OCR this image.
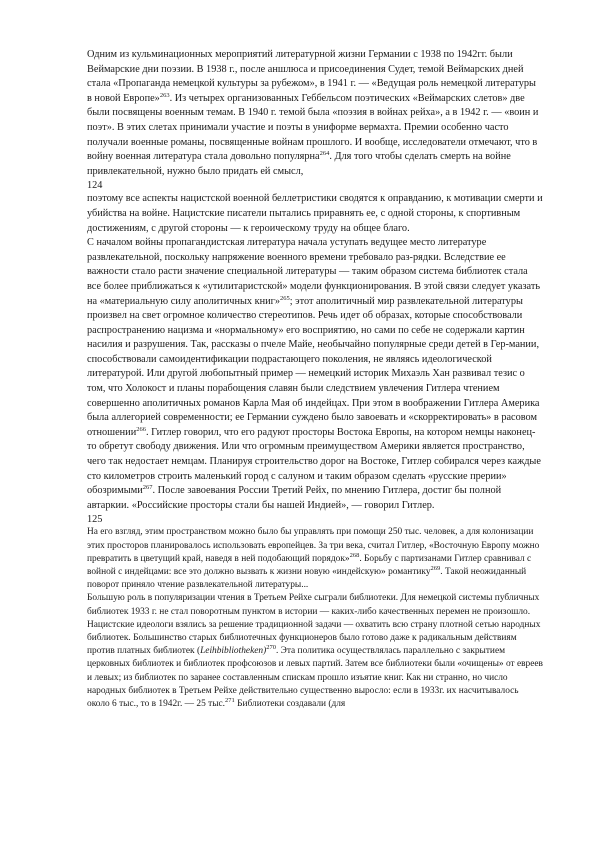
Одним из кульминационных мероприятий литературной жизни Германии с 1938 по 1942гг. были Веймарские дни поэзии. В 1938 г., после аншлюса и присоединения Судет, темой Веймарских дней стала «Пропаганда немецкой культуры за рубежом», в 1941 г. — «Ведущая роль немецкой литературы в новой Европе»$^{263}$. Из четырех организованных Геббельсом поэтических «Веймарских слетов» две были посвящены военным темам. В 1940 г. темой была «поэзия в войнах рейха», а в 1942 г. — «воин и поэт». В этих слетах принимали участие и поэты в униформе вермахта. Премии особенно часто получали военные романы, посвященные войнам прошлого. И вообще, исследователи отмечают, что в войну военная литература стала довольно популярна$^{264}$. Для того чтобы сделать смерть на войне привлекательной, нужно было придать ей смысл,

124

поэтому все аспекты нацистской военной беллетристики сводятся к оправданию, к мотивации смерти и убийства на войне. Нацистские писатели пытались приравнять ее, с одной стороны, к спортивным достижениям, с другой стороны — к героическому труду на общее благо.

С началом войны пропагандистская литература начала уступать ведущее место литературе развлекательной, поскольку напряжение военного времени требовало раз-рядки. Вследствие ее важности стало расти значение специальной литературы — таким образом система библиотек стала все более приближаться к «утилитаристской» модели функционирования. В этой связи следует указать на «материальную силу аполитичных книг»$^{265}$; этот аполитичный мир развлекательной литературы произвел на свет огромное количество стереотипов. Речь идет об образах, которые способствовали распространению нацизма и «нормальному» его восприятию, но сами по себе не содержали картин насилия и разрушения. Так, рассказы о пчеле Майе, необычайно популярные среди детей в Гер-мании, способствовали самоидентификации подрастающего поколения, не являясь идеологической литературой. Или другой любопытный пример — немецкий историк Михаэль Хан развивал тезис о том, что Холокост и планы порабощения славян были следствием увлечения Гитлера чтением совершенно аполитичных романов Карла Мая об индейцах. При этом в воображении Гитлера Америка была аллегорией современности; ее Германии суждено было завоевать и «скорректировать» в расовом отношении$^{266}$. Гитлер говорил, что его радуют просторы Востока Европы, на котором немцы наконец-то обретут свободу движения. Или что огромным преимуществом Америки является пространство, чего так недостает немцам. Планируя строительство дорог на Востоке, Гитлер собирался через каждые сто километров строить маленький город с салуном и таким образом сделать «русские прерии» обозримыми$^{267}$. После завоевания России Третий Рейх, по мнению Гитлера, достиг бы полной автаркии. «Российские просторы стали бы нашей Индией», — говорил Гитлер.

125

На его взгляд, этим пространством можно было бы управлять при помощи 250 тыс. человек, а для колонизации этих просторов планировалось использовать европейцев. За три века, считал Гитлер, «Восточную Европу можно превратить в цветущий край, наведя в ней подобающий порядок»$^{268}$. Борьбу с партизанами Гитлер сравнивал с войной с индейцами: все это должно вызвать к жизни новую «индейскую» романтику$^{269}$. Такой неожиданный поворот приняло чтение развлекательной литературы...

Большую роль в популяризации чтения в Третьем Рейхе сыграли библиотеки. Для немецкой системы публичных библиотек 1933 г. не стал поворотным пунктом в истории — каких-либо качественных перемен не произошло. Нацистские идеологи взялись за решение традиционной задачи — охватить всю страну плотной сетью народных библиотек. Большинство старых библиотечных функционеров было готово даже к радикальным действиям против платных библиотек (Leihbibliotheken)$^{270}$. Эта политика осуществлялась параллельно с закрытием церковных библиотек и библиотек профсоюзов и левых партий. Затем все библиотеки были «очищены» от евреев и левых; из библиотек по заранее составленным спискам прошло изъятие книг. Как ни странно, но число народных библиотек в Третьем Рейхе действительно существенно выросло: если в 1933г. их насчитывалось около 6 тыс., то в 1942г. — 25 тыс.$^{271}$ Библиотеки создавали (для
